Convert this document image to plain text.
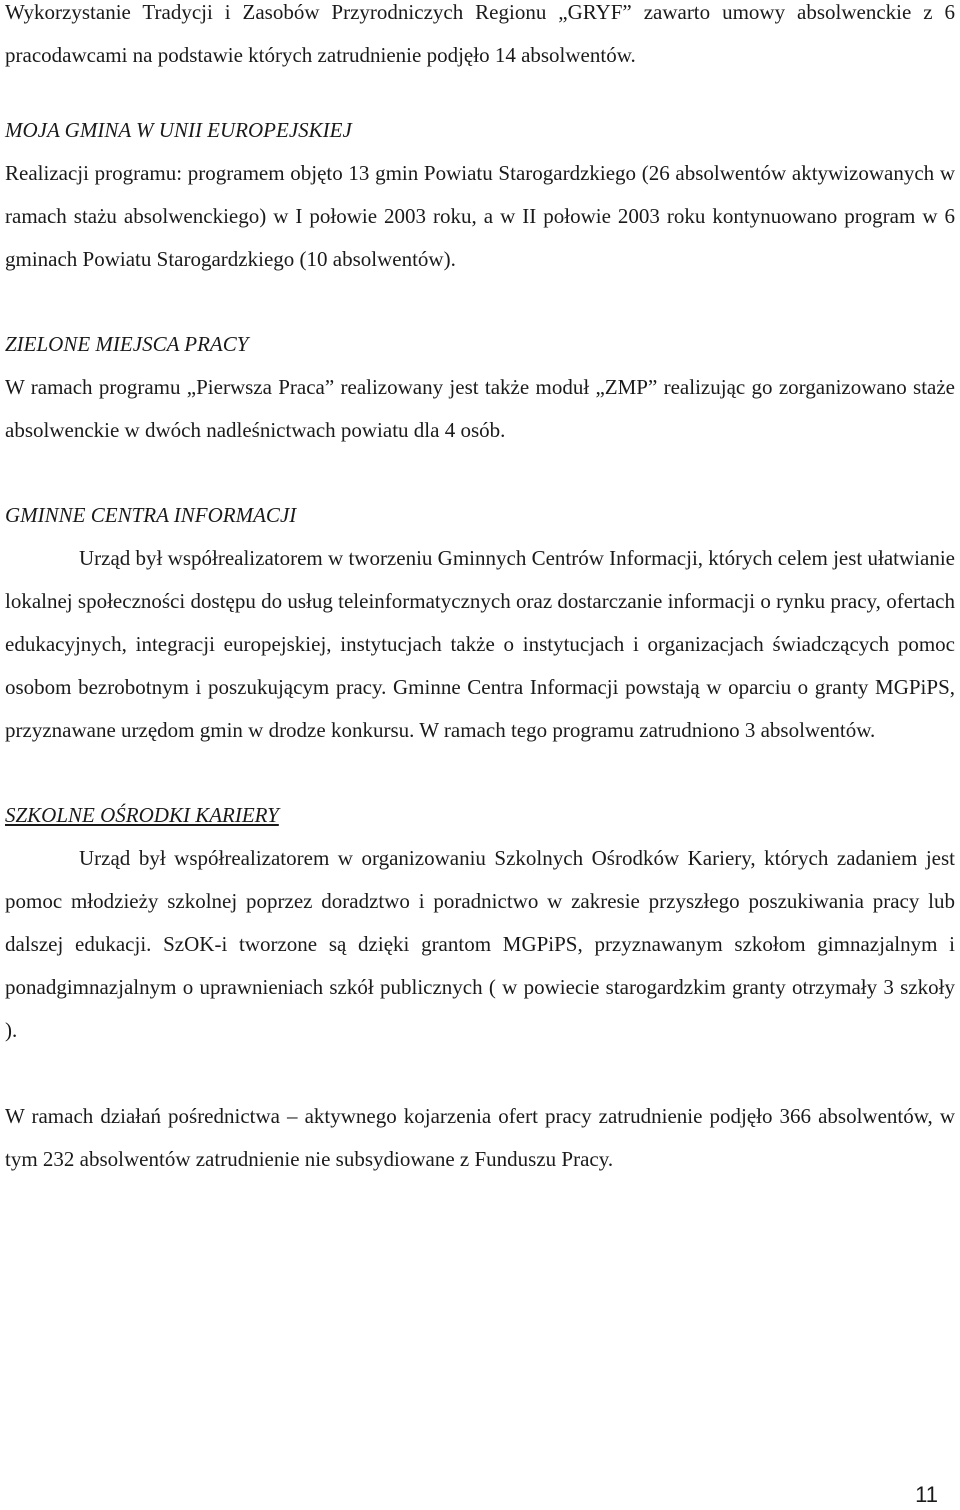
Wykorzystanie Tradycji i Zasobów Przyrodniczych Regionu „GRYF” zawarto umowy absolwenckie z 6 pracodawcami na podstawie których zatrudnienie podjęło 14 absolwentów.

MOJA GMINA W UNII EUROPEJSKIEJ

Realizacji programu: programem objęto 13 gmin Powiatu Starogardzkiego (26 absolwentów aktywizowanych w ramach stażu absolwenckiego) w I połowie 2003 roku, a w II połowie 2003 roku kontynuowano program w 6 gminach Powiatu Starogardzkiego (10 absolwentów).

ZIELONE MIEJSCA PRACY

W ramach programu „Pierwsza Praca” realizowany jest także moduł „ZMP” realizując go zorganizowano staże absolwenckie w dwóch nadleśnictwach powiatu dla 4 osób.

GMINNE CENTRA INFORMACJI

Urząd był współrealizatorem w tworzeniu Gminnych Centrów Informacji, których celem jest ułatwianie lokalnej społeczności dostępu do usług teleinformatycznych oraz dostarczanie informacji o rynku pracy, ofertach edukacyjnych, integracji europejskiej, instytucjach także o instytucjach i organizacjach świadczących pomoc osobom bezrobotnym i poszukującym pracy. Gminne Centra Informacji powstają w oparciu o granty MGPiPS, przyznawane urzędom gmin w drodze konkursu. W ramach tego programu zatrudniono 3 absolwentów.

SZKOLNE OŚRODKI KARIERY

Urząd był współrealizatorem w organizowaniu Szkolnych Ośrodków Kariery, których zadaniem jest pomoc młodzieży szkolnej poprzez doradztwo i poradnictwo w zakresie przyszłego poszukiwania pracy lub dalszej edukacji. SzOK-i tworzone są dzięki grantom MGPiPS, przyznawanym szkołom gimnazjalnym i ponadgimnazjalnym o uprawnieniach szkół publicznych ( w powiecie starogardzkim granty otrzymały 3 szkoły ).

W ramach działań pośrednictwa – aktywnego kojarzenia ofert pracy zatrudnienie podjęło 366 absolwentów, w tym 232 absolwentów zatrudnienie nie subsydiowane z Funduszu Pracy.

11
